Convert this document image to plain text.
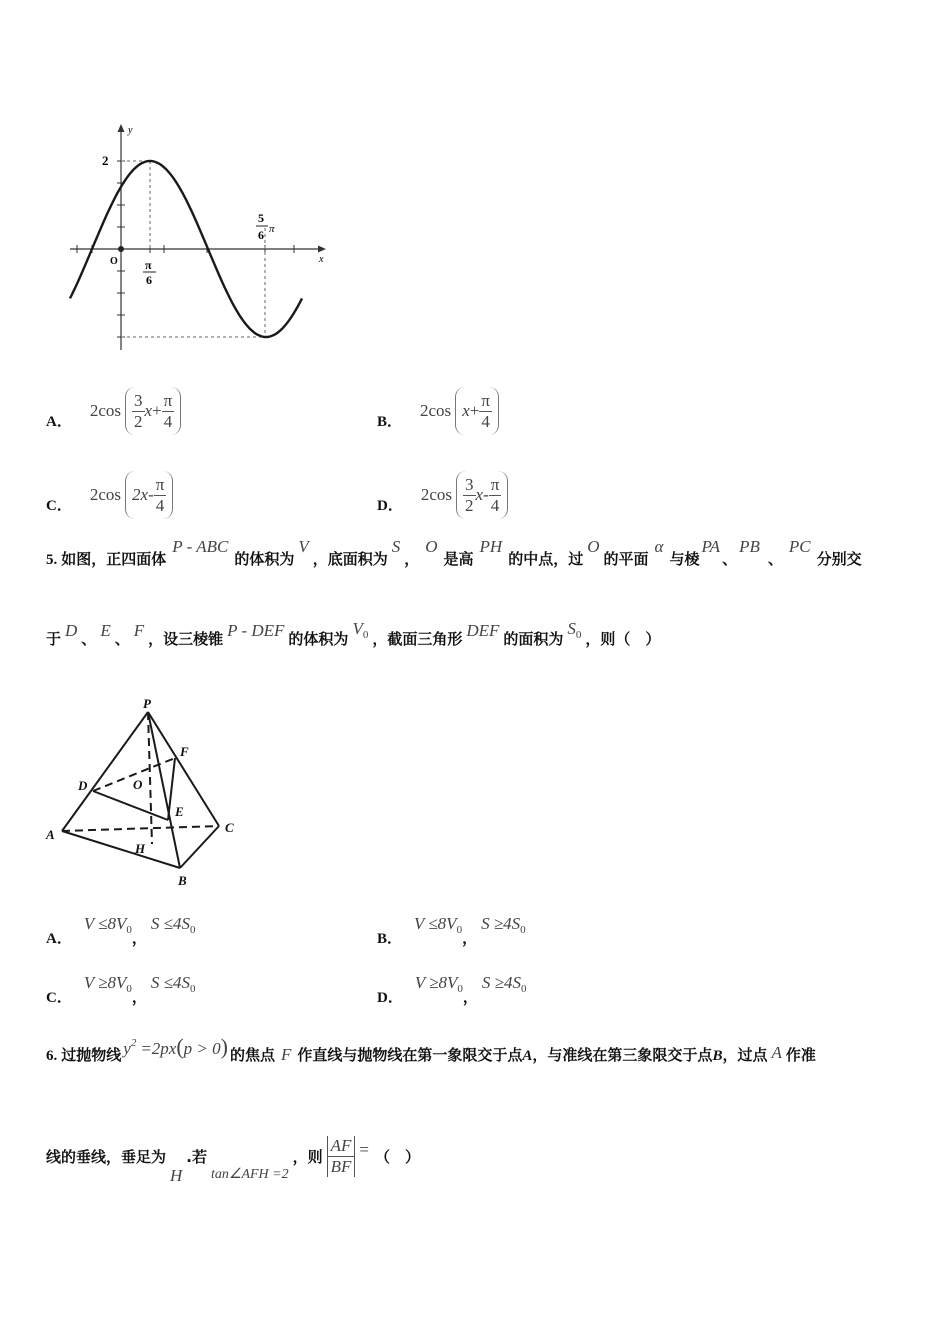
y
x
O
2
π
6
5
6 π
A．
$2\cos \frac{3}{2}$ $x + \frac{\pi}{4}$	B．
2cos $x + \frac{\pi}{4}$
C．
2cos $2x - \frac{\pi}{4}$	D．
$2\cos \frac{3}{2}$ x - $\frac{\pi}{4}$
5. 如图，正四面体
P - ABC
的体积为
V
，底面积为
S
，
O
是高
PH
的中点，过
O
的平面
α
与棱
PA
、
PB
、
PC
分别交
于 D 、 E 、 F ，设三棱锥 P - DEF 的体积为
$V_0$ ，截面三角形 DEF 的面积为
$S_0$ ，则（　）
P
A
B
C
D
E
F
O
H
A．
$V \le 8V_0$ ，
$S \le 4S_0$
B．
$V \le 8V_0$ ，
$S \ge 4S_0$
C．
$V \ge 8V_0$ ，
$S \le 4S_0$
D．
$V \ge 8V_0$ ，
$S \ge 4S_0$
6. 过抛物线 $y^2 =2px(p > 0)$ 的焦点 F 作直线与抛物线在第一象限交于点 A ，与准线在第三象限交于点 B ，过点 A 作准
线的垂线，垂足为
H
.若
tan∠AFH =2
，则 $\frac{AF}{BF}$ = （　）
